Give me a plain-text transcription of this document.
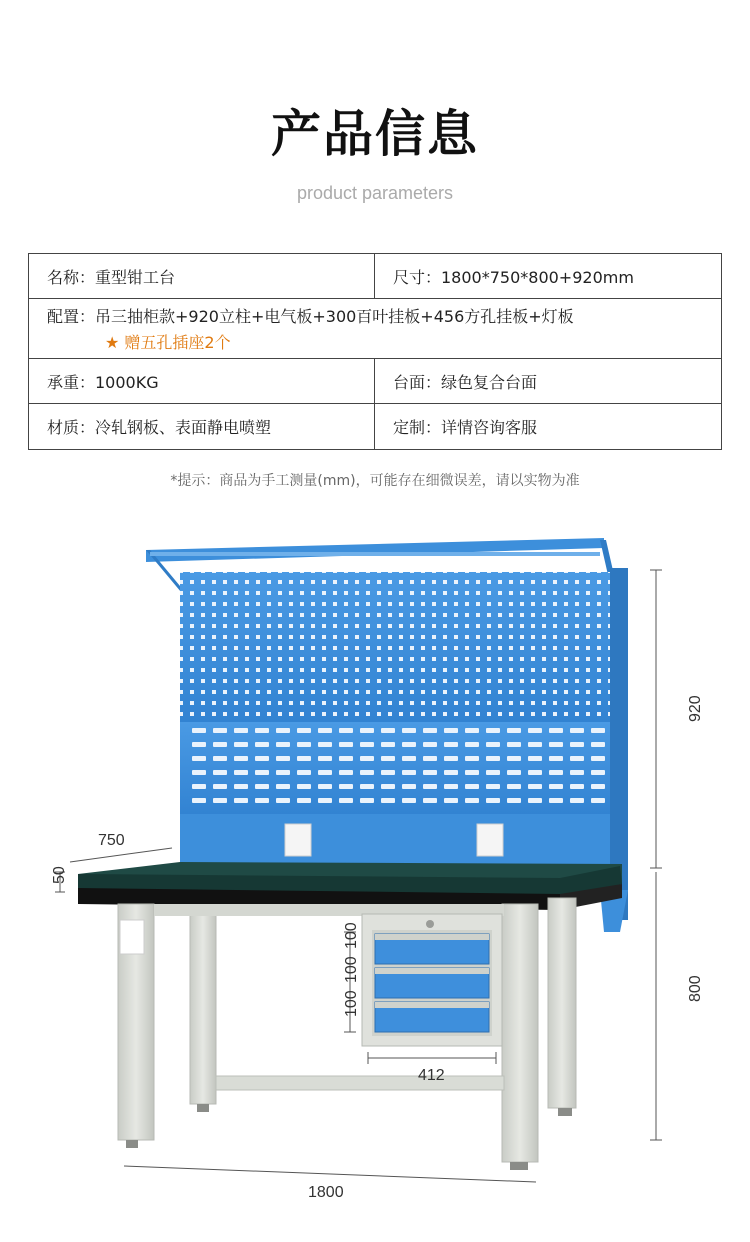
产品信息
product parameters
名称：重型钳工台	尺寸：1800*750*800+920mm
配置：吊三抽柜款+920立柱+电气板+300百叶挂板+456方孔挂板+灯板
★ 赠五孔插座2个	

承重：1000KG	台面：绿色复合台面
材质：冷轧钢板、表面静电喷塑	定制：详情咨询客服
*提示：商品为手工测量(mm)，可能存在细微误差，请以实物为准
750
50
920
100
100
100
412
800
1800
